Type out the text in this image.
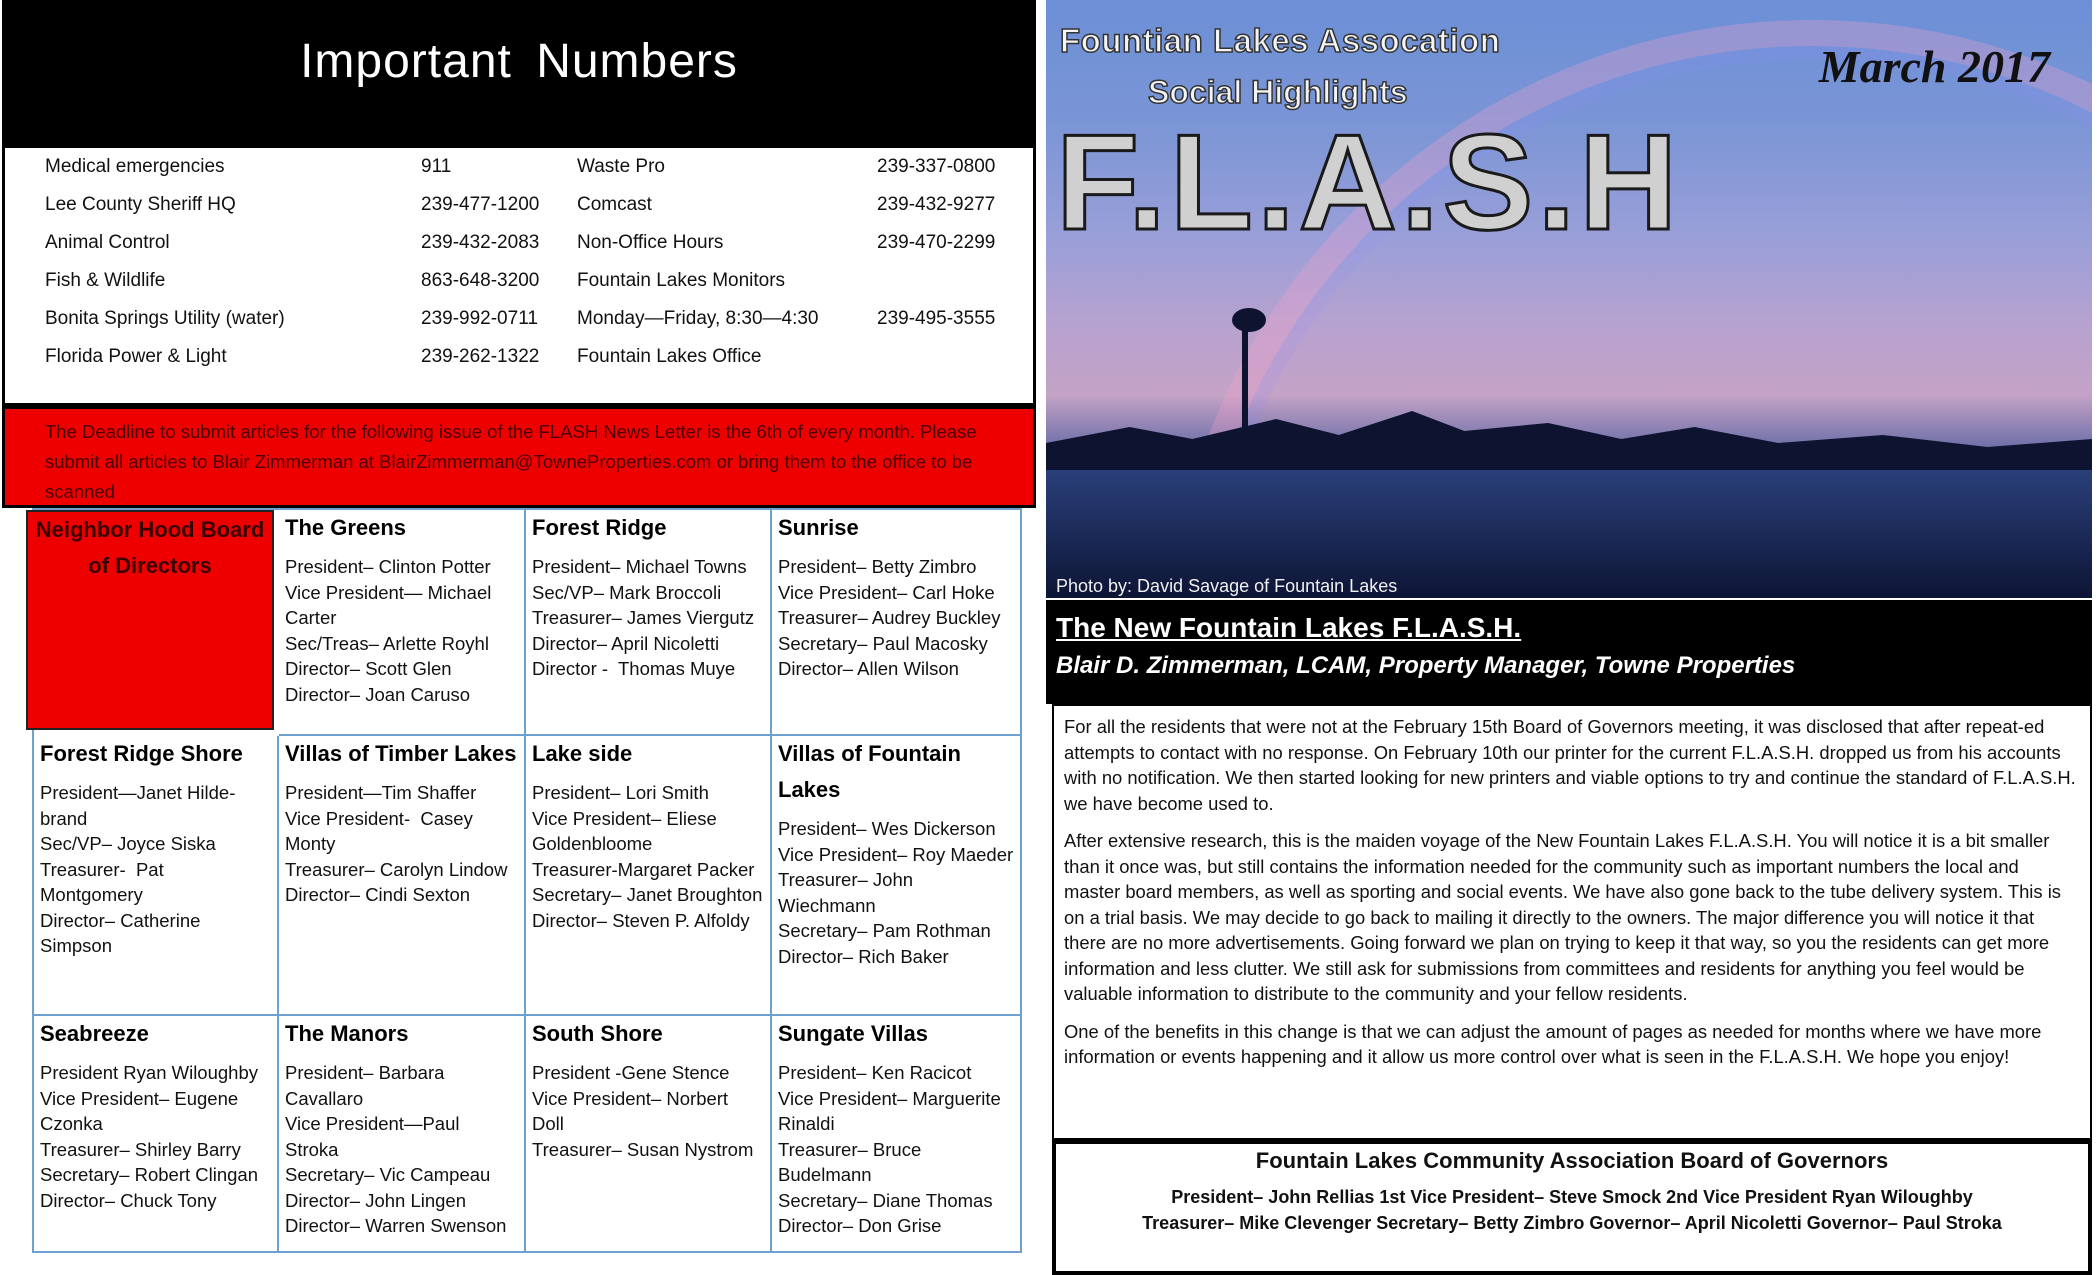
Important Numbers
Medical emergencies	911	Waste Pro	239-337-0800
Lee County Sheriff HQ	239-477-1200 Comcast	239-432-9277
Animal Control	239-432-2083 Non-Office Hours	239-470-2299
Fish & Wildlife	863-648-3200 Fountain Lakes Monitors
Bonita Springs Utility (water)	239-992-0711 Monday—Friday, 8:30—4:30	239-495-3555
Florida Power & Light	239-262-1322 Fountain Lakes Office
The Deadline to submit articles for the following issue of the FLASH News Letter is the 6th of every month. Please submit all articles to Blair Zimmerman at BlairZimmerman@TowneProperties.com or bring them to the office to be scanned
Neighbor Hood Board of Directors
The Greens
President– Clinton Potter
Vice President— Michael Carter
Sec/Treas– Arlette Royhl
Director– Scott Glen
Director– Joan Caruso
Forest Ridge
President– Michael Towns
Sec/VP– Mark Broccoli
Treasurer– James Viergutz
Director– April Nicoletti
Director -  Thomas Muye
Sunrise
President– Betty Zimbro
Vice President– Carl Hoke
Treasurer– Audrey Buckley
Secretary– Paul Macosky
Director– Allen Wilson
Forest Ridge Shore
President—Janet Hilde-brand
Sec/VP– Joyce Siska
Treasurer-  Pat Montgomery
Director– Catherine Simpson
Villas of Timber Lakes
President—Tim Shaffer
Vice President-  Casey Monty
Treasurer– Carolyn Lindow
Director– Cindi Sexton
Lake side
President– Lori Smith
Vice President– Eliese Goldenbloome
Treasurer-Margaret Packer
Secretary– Janet Broughton
Director– Steven P. Alfoldy
Villas of Fountain Lakes
President– Wes Dickerson
Vice President– Roy Maeder
Treasurer– John Wiechmann
Secretary– Pam Rothman
Director– Rich Baker
Seabreeze
President Ryan Wiloughby
Vice President– Eugene Czonka
Treasurer– Shirley Barry
Secretary– Robert Clingan
Director– Chuck Tony
The Manors
President– Barbara Cavallaro
Vice President—Paul Stroka
Secretary– Vic Campeau
Director– John Lingen
Director– Warren Swenson
South Shore
President -Gene Stence
Vice President– Norbert Doll
Treasurer– Susan Nystrom
Sungate Villas
President– Ken Racicot
Vice President– Marguerite Rinaldi
Treasurer– Bruce Budelmann
Secretary– Diane Thomas
Director– Don Grise
Fountian Lakes Assocation
Social Highlights
F.L.A.S.H
March 2017
Photo by: David Savage of Fountain Lakes
The New Fountain Lakes F.L.A.S.H.
Blair D. Zimmerman, LCAM, Property Manager, Towne Properties

For all the residents that were not at the February 15th Board of Governors meeting, it was disclosed that after repeat-ed attempts to contact with no response. On February 10th our printer for the current F.L.A.S.H. dropped us from his accounts with no notification. We then started looking for new printers and viable options to try and continue the standard of F.L.A.S.H. we have become used to.

After extensive research, this is the maiden voyage of the New Fountain Lakes F.L.A.S.H. You will notice it is a bit smaller than it once was, but still contains the information needed for the community such as important numbers the local and master board members, as well as sporting and social events. We have also gone back to the tube delivery system. This is on a trial basis. We may decide to go back to mailing it directly to the owners. The major difference you will notice it that there are no more advertisements. Going forward we plan on trying to keep it that way, so you the residents can get more information and less clutter. We still ask for submissions from committees and residents for anything you feel would be valuable information to distribute to the community and your fellow residents.

One of the benefits in this change is that we can adjust the amount of pages as needed for months where we have more information or events happening and it allow us more control over what is seen in the F.L.A.S.H. We hope you enjoy!

Fountain Lakes Community Association Board of Governors
President– John Rellias 1st Vice President– Steve Smock 2nd Vice President Ryan Wiloughby
Treasurer– Mike Clevenger Secretary– Betty Zimbro Governor– April Nicoletti Governor– Paul Stroka
